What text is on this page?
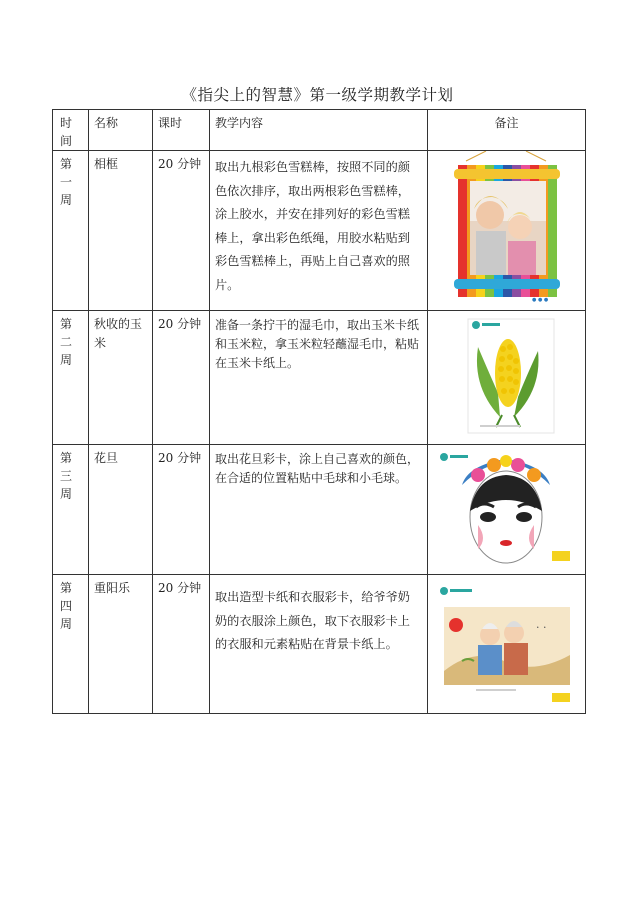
《指尖上的智慧》第一级学期教学计划
时间	名称	课时	教学内容	备注

第一周	相框	20 分钟	取出九根彩色雪糕棒，按照不同的颜色依次排序，取出两根彩色雪糕棒，涂上胶水，并安在排列好的彩色雪糕棒上，拿出彩色纸绳，用胶水粘贴到彩色雪糕棒上，再贴上自己喜欢的照片。	● ● ●

第二周	秋收的玉米	20 分钟	准备一条拧干的湿毛巾，取出玉米卡纸和玉米粒，拿玉米粒轻蘸湿毛巾，粘贴在玉米卡纸上。

第三周	花旦	20 分钟	取出花旦彩卡，涂上自己喜欢的颜色，在合适的位置粘贴中毛球和小毛球。

第四周	重阳乐	20 分钟	取出造型卡纸和衣服彩卡，给爷爷奶奶的衣服涂上颜色，取下衣服彩卡上的衣服和元素粘贴在背景卡纸上。	· ·
